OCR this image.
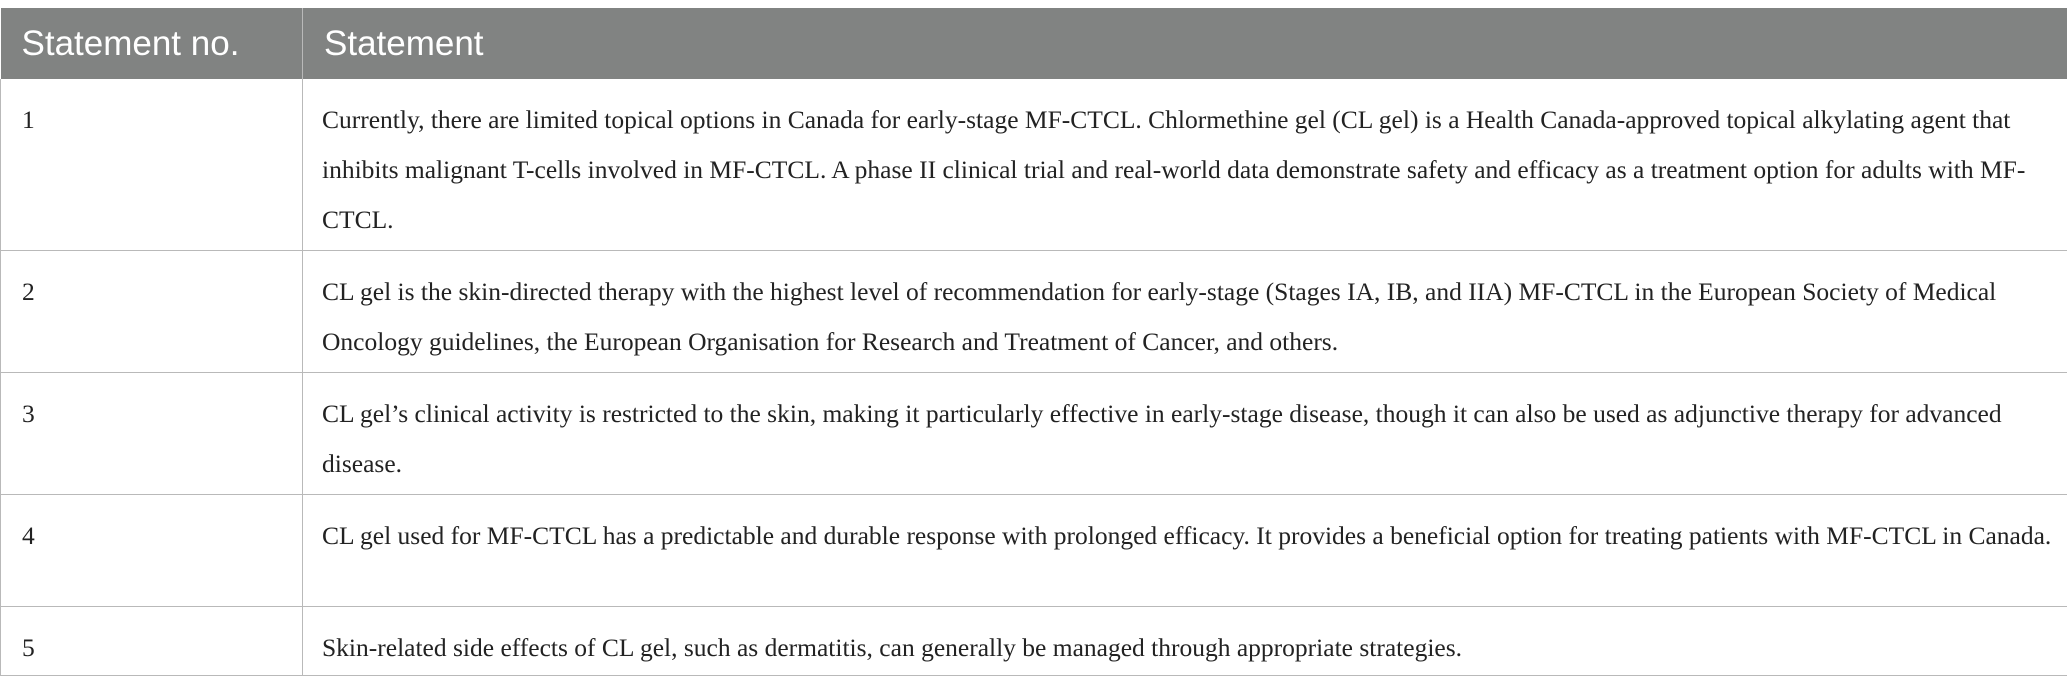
Statement no.	Statement
1	Currently, there are limited topical options in Canada for early-stage MF-CTCL. Chlormethine gel (CL gel) is a Health Canada-approved topical alkylating agent that inhibits malignant T-cells involved in MF-CTCL. A phase II clinical trial and real-world data demonstrate safety and efficacy as a treatment option for adults with MF-CTCL.
2	CL gel is the skin-directed therapy with the highest level of recommendation for early-stage (Stages IA, IB, and IIA) MF-CTCL in the European Society of Medical Oncology guidelines, the European Organisation for Research and Treatment of Cancer, and others.
3	CL gel’s clinical activity is restricted to the skin, making it particularly effective in early-stage disease, though it can also be used as adjunctive therapy for advanced disease.
4	CL gel used for MF-CTCL has a predictable and durable response with prolonged efficacy. It provides a beneficial option for treating patients with MF-CTCL in Canada.
5	Skin-related side effects of CL gel, such as dermatitis, can generally be managed through appropriate strategies.
